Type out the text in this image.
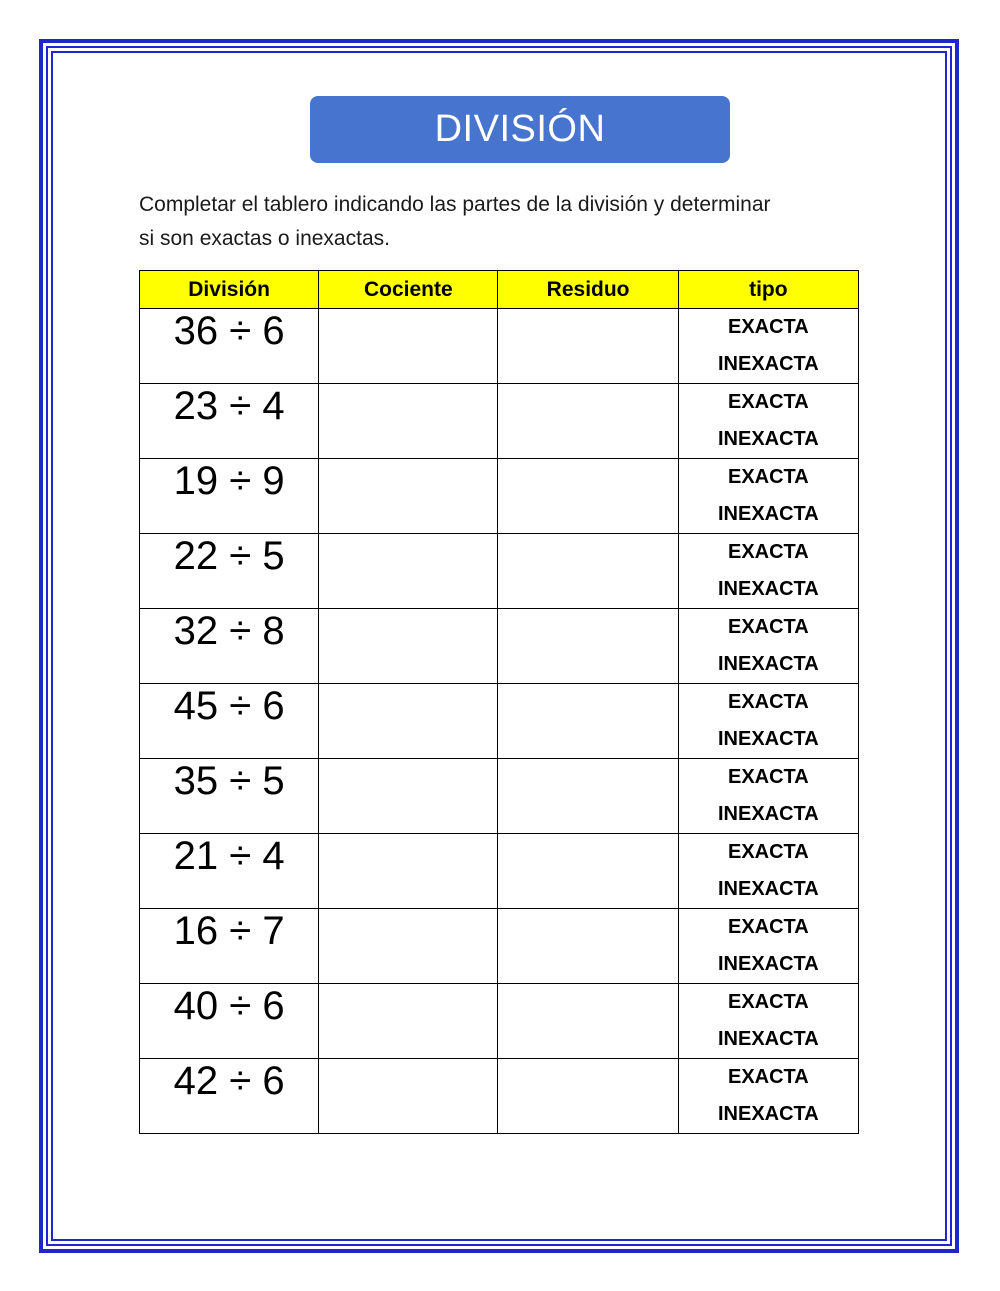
DIVISIÓN
Completar el tablero indicando las partes de la división y determinar si son exactas o inexactas.
División	Cociente	Residuo	tipo
36 ÷ 6			EXACTA
INEXACTA

23 ÷ 4			EXACTA
INEXACTA

19 ÷ 9			EXACTA
INEXACTA

22 ÷ 5			EXACTA
INEXACTA

32 ÷ 8			EXACTA
INEXACTA

45 ÷ 6			EXACTA
INEXACTA

35 ÷ 5			EXACTA
INEXACTA

21 ÷ 4			EXACTA
INEXACTA

16 ÷ 7			EXACTA
INEXACTA

40 ÷ 6			EXACTA
INEXACTA

42 ÷ 6			EXACTA
INEXACTA
